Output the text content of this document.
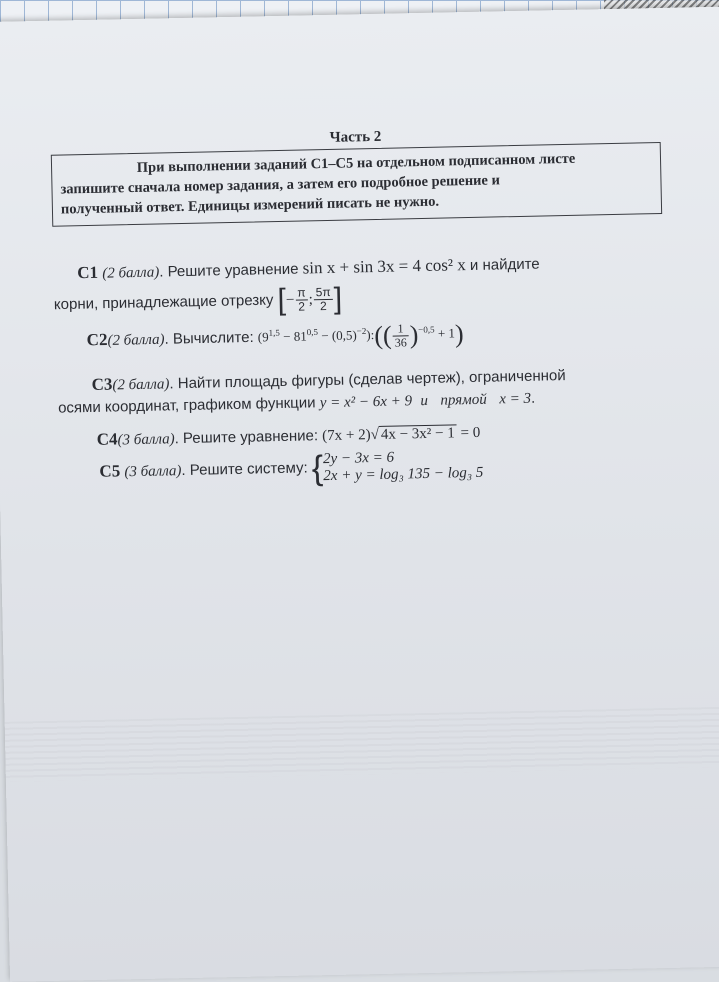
Часть 2
При выполнении заданий С1–С5 на отдельном подписанном листе
запишите сначала номер задания, а затем его подробное решение и
полученный ответ. Единицы измерений писать не нужно.
С1 (2 балла). Решите уравнение sin x + sin 3x = 4 cos² x и найдите
корни, принадлежащие отрезку [− $\frac{\pi}{2}$ ; $\frac{5\pi}{2}$ ]
С2(2 балла). Вычислите: ($9^{1,5} - 81^{0,5}$ − $(0,5)^{-2}):(( \frac{1}{36} )^{-0,5} + 1)$
С3(2 балла). Найти площадь фигуры (сделав чертеж), ограниченной
осями координат, графиком функции y = x² − 6x + 9 и прямой x = 3.
С4(3 балла). Решите уравнение: (7x + 2)√ 4x − 3x² − 1 = 0
С5 (3 балла). Решите систему: { 2y − 3x = 6
2x + y = log₃ 135 − log₃ 5
